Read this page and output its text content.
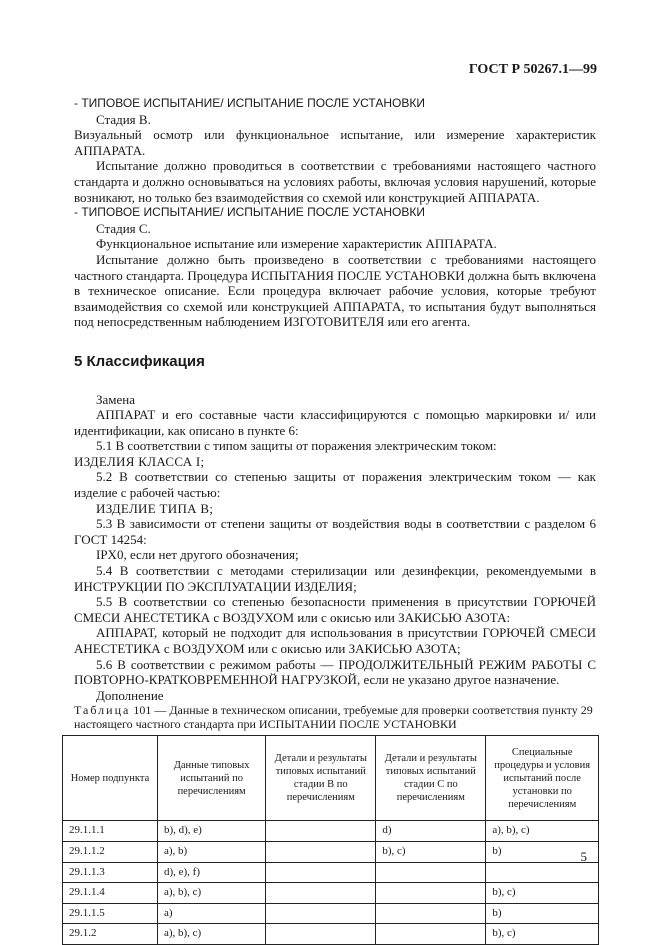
ГОСТ Р 50267.1—99

- ТИПОВОЕ ИСПЫТАНИЕ/ ИСПЫТАНИЕ ПОСЛЕ УСТАНОВКИ

Стадия В.

Визуальный осмотр или функциональное испытание, или измерение характеристик АППАРАТА.

Испытание должно проводиться в соответствии с требованиями настоящего частного стандарта и должно основываться на условиях работы, включая условия нарушений, которые возникают, но только без взаимодействия со схемой или конструкцией АППАРАТА.

- ТИПОВОЕ ИСПЫТАНИЕ/ ИСПЫТАНИЕ ПОСЛЕ УСТАНОВКИ

Стадия С.

Функциональное испытание или измерение характеристик АППАРАТА.

Испытание должно быть произведено в соответствии с требованиями настоящего частного стандарта. Процедура ИСПЫТАНИЯ ПОСЛЕ УСТАНОВКИ должна быть включена в техническое описание. Если процедура включает рабочие условия, которые требуют взаимодействия со схемой или конструкцией АППАРАТА, то испытания будут выполняться под непосредственным наблюдением ИЗГОТОВИТЕЛЯ или его агента.

5 Классификация

Замена

АППАРАТ и его составные части классифицируются с помощью маркировки и/ или идентификации, как описано в пункте 6:

5.1 В соответствии с типом защиты от поражения электрическим током:

ИЗДЕЛИЯ КЛАССА I;

5.2 В соответствии со степенью защиты от поражения электрическим током — как изделие с рабочей частью:

ИЗДЕЛИЕ ТИПА В;

5.3 В зависимости от степени защиты от воздействия воды в соответствии с разделом 6 ГОСТ 14254:

IPX0, если нет другого обозначения;

5.4 В соответствии с методами стерилизации или дезинфекции, рекомендуемыми в ИНСТРУКЦИИ ПО ЭКСПЛУАТАЦИИ ИЗДЕЛИЯ;

5.5 В соответствии со степенью безопасности применения в присутствии ГОРЮЧЕЙ СМЕСИ АНЕСТЕТИКА с ВОЗДУХОМ или с окисью или ЗАКИСЬЮ АЗОТА:

АППАРАТ, который не подходит для использования в присутствии ГОРЮЧЕЙ СМЕСИ АНЕСТЕТИКА с ВОЗДУХОМ или с окисью или ЗАКИСЬЮ АЗОТА;

5.6 В соответствии с режимом работы — ПРОДОЛЖИТЕЛЬНЫЙ РЕЖИМ РАБОТЫ С ПОВТОРНО-КРАТКОВРЕМЕННОЙ НАГРУЗКОЙ, если не указано другое назначение.

Дополнение

Таблица 101 — Данные в техническом описании, требуемые для проверки соответствия пункту 29 настоящего частного стандарта при ИСПЫТАНИИ ПОСЛЕ УСТАНОВКИ

Номер подпункта	Данные типовых испытаний по перечислениям	Детали и результаты типовых испытаний стадии В по перечислениям	Детали и результаты типовых испытаний стадии С по перечислениям	Специальные процедуры и условия испытаний после установки по перечислениям
29.1.1.1	b), d), e)		d)	a), b), c)
29.1.1.2	a), b)		b), c)	b)
29.1.1.3	d), e), f)			
29.1.1.4	a), b), c)			b), c)
29.1.1.5	a)			b)
29.1.2	a), b), c)			b), c)
5
